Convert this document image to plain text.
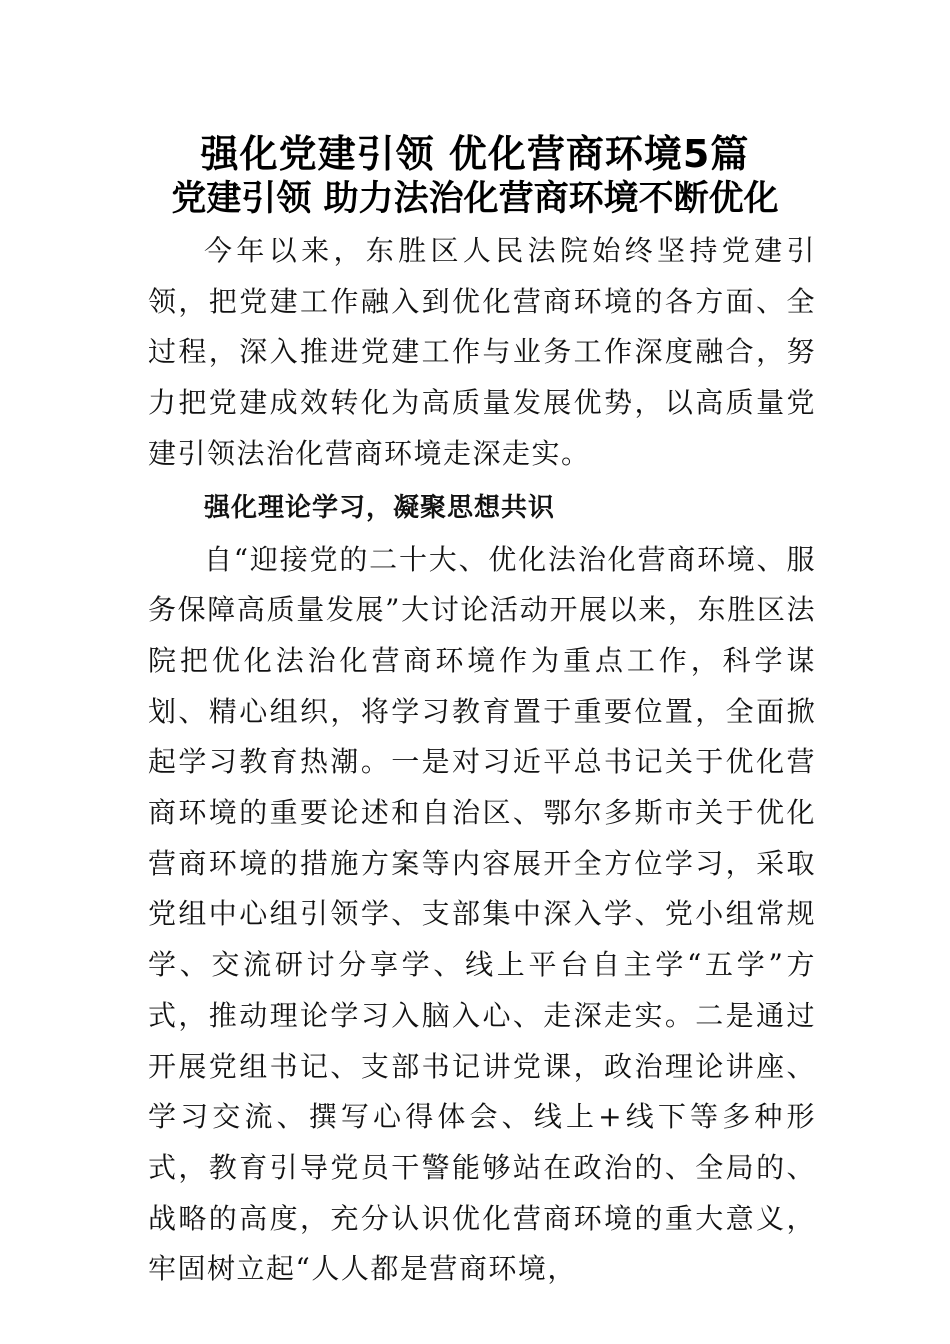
强化党建引领 优化营商环境5篇
党建引领 助力法治化营商环境不断优化

今年以来，东胜区人民法院始终坚持党建引领，把党建工作融入到优化营商环境的各方面、全过程，深入推进党建工作与业务工作深度融合，努力把党建成效转化为高质量发展优势，以高质量党建引领法治化营商环境走深走实。

强化理论学习，凝聚思想共识

自“迎接党的二十大、优化法治化营商环境、服务保障高质量发展”大讨论活动开展以来，东胜区法院把优化法治化营商环境作为重点工作，科学谋划、精心组织，将学习教育置于重要位置，全面掀起学习教育热潮。一是对习近平总书记关于优化营商环境的重要论述和自治区、鄂尔多斯市关于优化营商环境的措施方案等内容展开全方位学习，采取党组中心组引领学、支部集中深入学、党小组常规学、交流研讨分享学、线上平台自主学“五学”方式，推动理论学习入脑入心、走深走实。二是通过开展党组书记、支部书记讲党课，政治理论讲座、学习交流、撰写心得体会、线上+线下等多种形式，教育引导党员干警能够站在政治的、全局的、战略的高度，充分认识优化营商环境的重大意义，牢固树立起“人人都是营商环境，
